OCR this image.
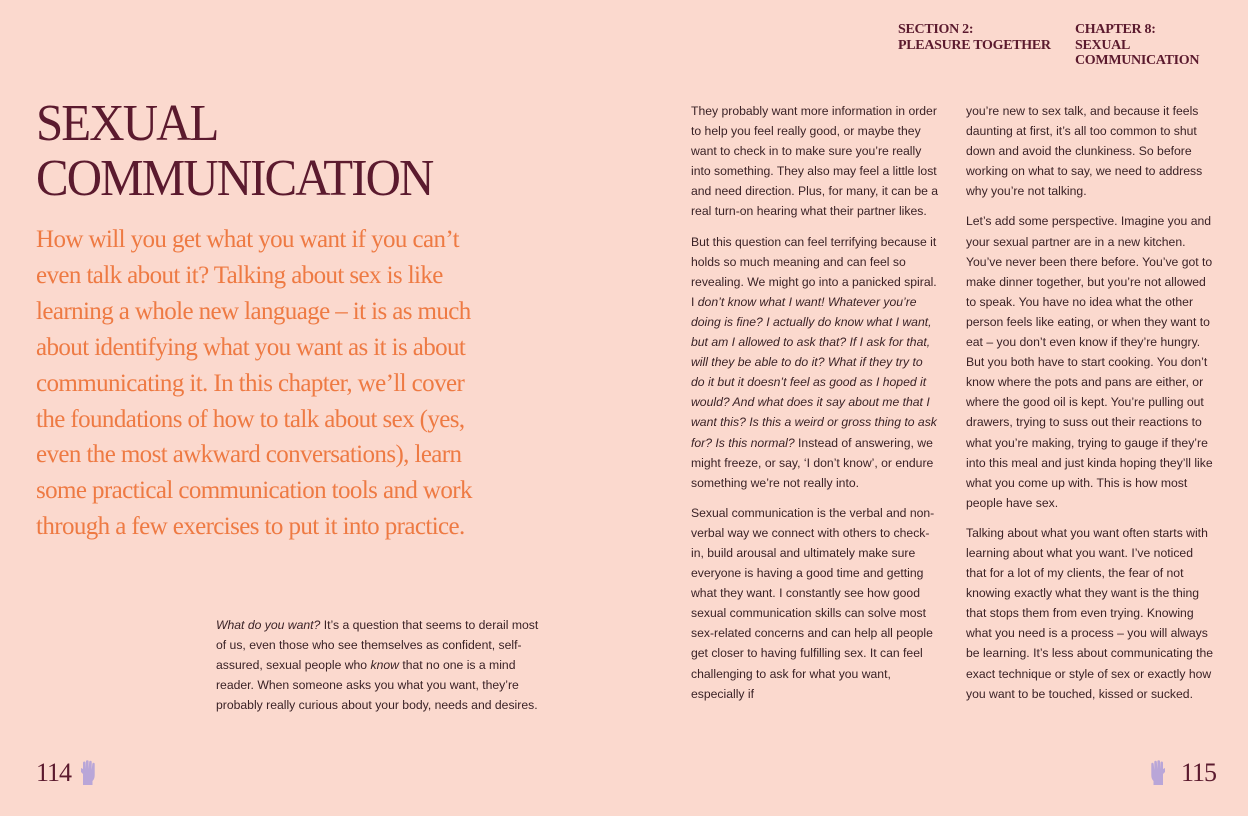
SECTION 2:
PLEASURE TOGETHER
CHAPTER 8:
SEXUAL
COMMUNICATION
SEXUAL
COMMUNICATION

How will you get what you want if you can’t even talk about it? Talking about sex is like learning a whole new language – it is as much about identifying what you want as it is about communicating it. In this chapter, we’ll cover the foundations of how to talk about sex (yes, even the most awkward conversations), learn some practical communication tools and work through a few exercises to put it into practice.

What do you want? It’s a question that seems to derail most of us, even those who see themselves as confident, self-assured, sexual people who know that no one is a mind reader. When someone asks you what you want, they’re probably really curious about your body, needs and desires.

They probably want more information in order to help you feel really good, or maybe they want to check in to make sure you’re really into something. They also may feel a little lost and need direction. Plus, for many, it can be a real turn-on hearing what their partner likes.

But this question can feel terrifying because it holds so much meaning and can feel so revealing. We might go into a panicked spiral. I don’t know what I want! Whatever you’re doing is fine? I actually do know what I want, but am I allowed to ask that? If I ask for that, will they be able to do it? What if they try to do it but it doesn’t feel as good as I hoped it would? And what does it say about me that I want this? Is this a weird or gross thing to ask for? Is this normal? Instead of answering, we might freeze, or say, ‘I don’t know’, or endure something we’re not really into.

Sexual communication is the verbal and non-verbal way we connect with others to check-in, build arousal and ultimately make sure everyone is having a good time and getting what they want. I constantly see how good sexual communication skills can solve most sex-related concerns and can help all people get closer to having fulfilling sex. It can feel challenging to ask for what you want, especially if

you’re new to sex talk, and because it feels daunting at first, it’s all too common to shut down and avoid the clunkiness. So before working on what to say, we need to address why you’re not talking.

Let’s add some perspective. Imagine you and your sexual partner are in a new kitchen. You’ve never been there before. You’ve got to make dinner together, but you’re not allowed to speak. You have no idea what the other person feels like eating, or when they want to eat – you don’t even know if they’re hungry. But you both have to start cooking. You don’t know where the pots and pans are either, or where the good oil is kept. You’re pulling out drawers, trying to suss out their reactions to what you’re making, trying to gauge if they’re into this meal and just kinda hoping they’ll like what you come up with. This is how most people have sex.

Talking about what you want often starts with learning about what you want. I’ve noticed that for a lot of my clients, the fear of not knowing exactly what they want is the thing that stops them from even trying. Knowing what you need is a process – you will always be learning. It’s less about communicating the exact technique or style of sex or exactly how you want to be touched, kissed or sucked.

114	115
